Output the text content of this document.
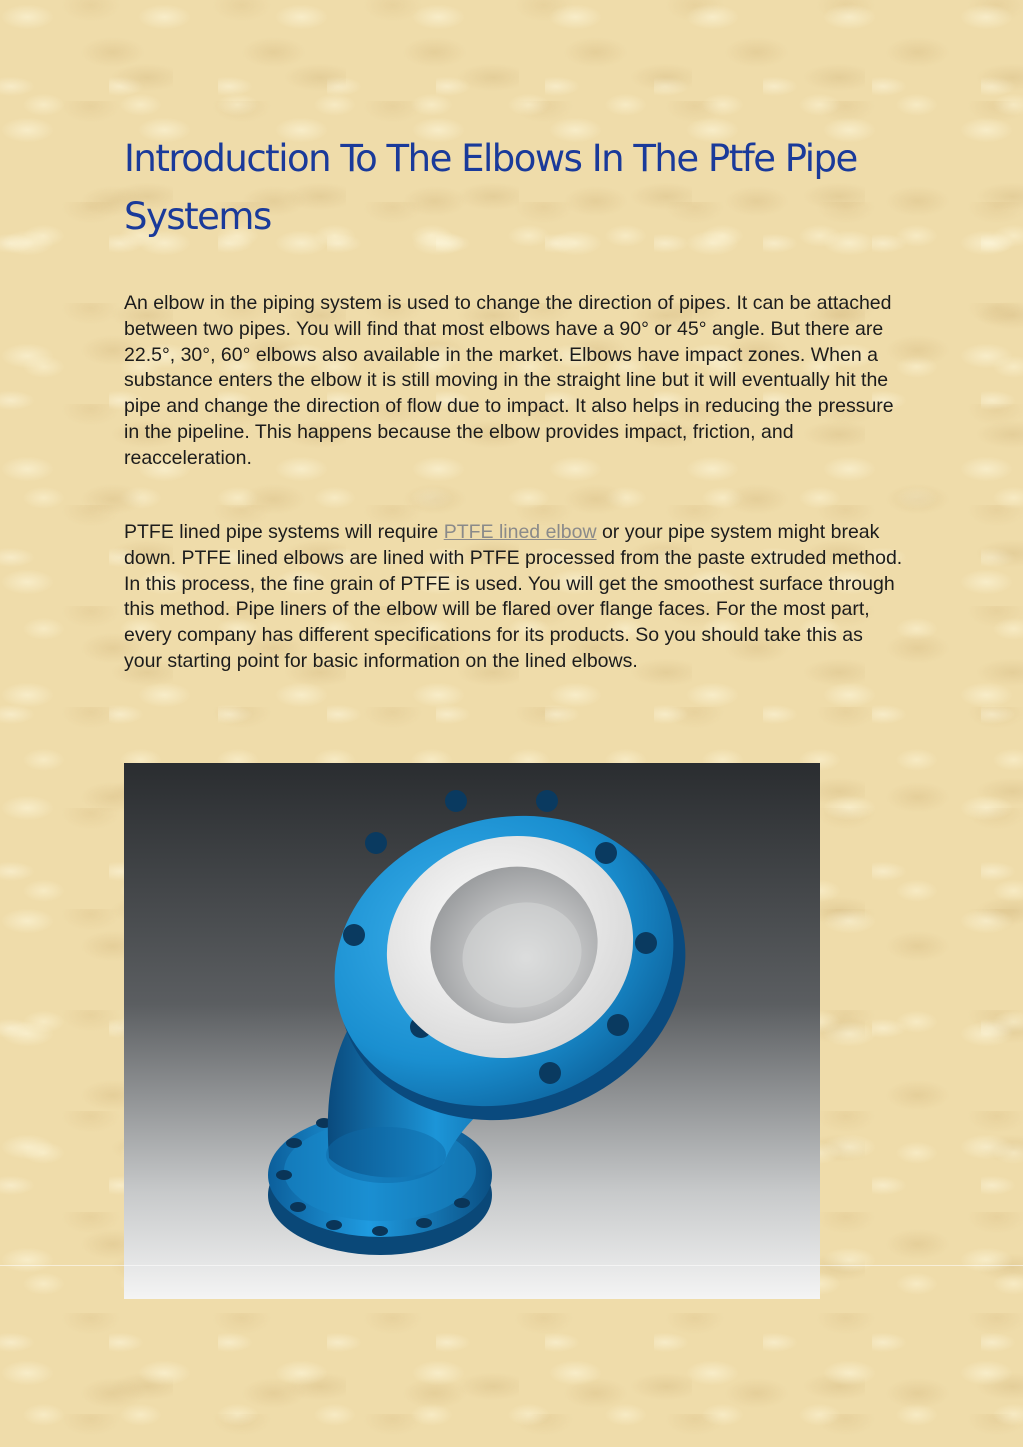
Introduction To The Elbows In The Ptfe Pipe Systems

An elbow in the piping system is used to change the direction of pipes. It can be attached between two pipes. You will find that most elbows have a 90° or 45° angle. But there are 22.5°, 30°, 60° elbows also available in the market. Elbows have impact zones. When a substance enters the elbow it is still moving in the straight line but it will eventually hit the pipe and change the direction of flow due to impact. It also helps in reducing the pressure in the pipeline. This happens because the elbow provides impact, friction, and reacceleration.

PTFE lined pipe systems will require PTFE lined elbow or your pipe system might break down. PTFE lined elbows are lined with PTFE processed from the paste extruded method. In this process, the fine grain of PTFE is used. You will get the smoothest surface through this method. Pipe liners of the elbow will be flared over flange faces. For the most part, every company has different specifications for its products. So you should take this as your starting point for basic information on the lined elbows.
